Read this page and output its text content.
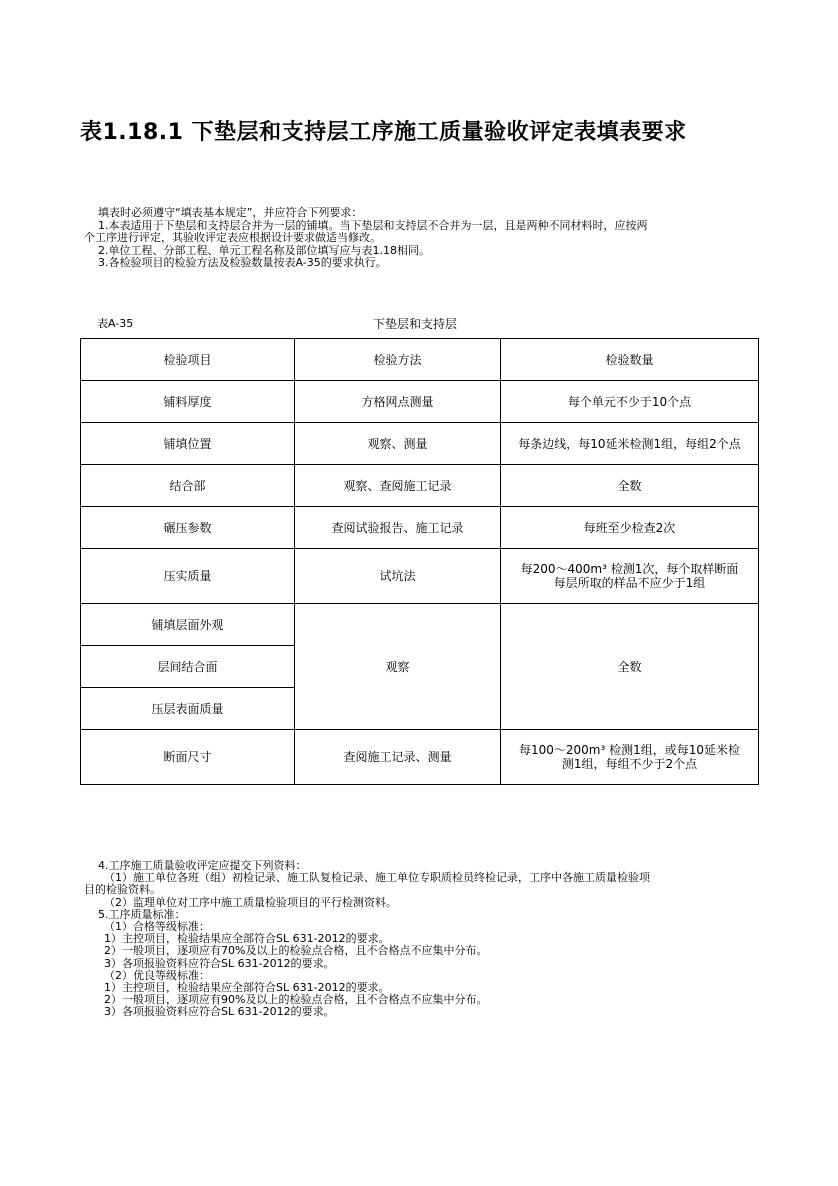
表1.18.1 下垫层和支持层工序施工质量验收评定表填表要求
填表时必须遵守“填表基本规定”，并应符合下列要求：
1.本表适用于下垫层和支持层合并为一层的铺填。当下垫层和支持层不合并为一层，且是两种不同材料时，应按两
个工序进行评定，其验收评定表应根据设计要求做适当修改。
2.单位工程、分部工程、单元工程名称及部位填写应与表1.18相同。
3.各检验项目的检验方法及检验数量按表A-35的要求执行。
表A-35	下垫层和支持层
检验项目	检验方法	检验数量
铺料厚度	方格网点测量	每个单元不少于10个点
铺填位置	观察、测量	每条边线，每10延米检测1组，每组2个点
结合部	观察、查阅施工记录	全数
碾压参数	查阅试验报告、施工记录	每班至少检查2次
压实质量	试坑法	每200～400m³ 检测1次，每个取样断面
每层所取的样品不应少于1组

铺填层面外观	观察	全数
层间结合面		
压层表面质量		
断面尺寸	查阅施工记录、测量	每100～200m³ 检测1组，或每10延米检
测1组，每组不少于2个点
4.工序施工质量验收评定应提交下列资料：
（1）施工单位各班（组）初检记录、施工队复检记录、施工单位专职质检员终检记录，工序中各施工质量检验项
目的检验资料。
（2）监理单位对工序中施工质量检验项目的平行检测资料。
5.工序质量标准：
（1）合格等级标准：
1）主控项目，检验结果应全部符合SL 631-2012的要求。
2）一般项目，逐项应有70%及以上的检验点合格，且不合格点不应集中分布。
3）各项报验资料应符合SL 631-2012的要求。
（2）优良等级标准：
1）主控项目，检验结果应全部符合SL 631-2012的要求。
2）一般项目，逐项应有90%及以上的检验点合格，且不合格点不应集中分布。
3）各项报验资料应符合SL 631-2012的要求。
